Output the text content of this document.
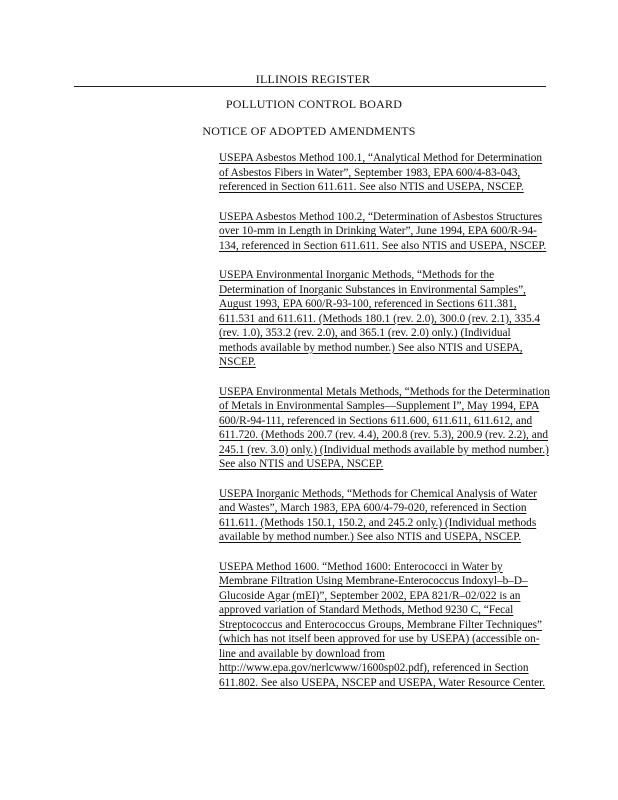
ILLINOIS REGISTER
POLLUTION CONTROL BOARD
NOTICE OF ADOPTED AMENDMENTS

USEPA Asbestos Method 100.1, “Analytical Method for Determination of Asbestos Fibers in Water”, September 1983, EPA 600/4-83-043, referenced in Section 611.611. See also NTIS and USEPA, NSCEP.

USEPA Asbestos Method 100.2, “Determination of Asbestos Structures over 10-mm in Length in Drinking Water”, June 1994, EPA 600/R-94-134, referenced in Section 611.611. See also NTIS and USEPA, NSCEP.

USEPA Environmental Inorganic Methods, “Methods for the Determination of Inorganic Substances in Environmental Samples”, August 1993, EPA 600/R-93-100, referenced in Sections 611.381, 611.531 and 611.611. (Methods 180.1 (rev. 2.0), 300.0 (rev. 2.1), 335.4 (rev. 1.0), 353.2 (rev. 2.0), and 365.1 (rev. 2.0) only.) (Individual methods available by method number.) See also NTIS and USEPA, NSCEP.

USEPA Environmental Metals Methods, “Methods for the Determination of Metals in Environmental Samples—Supplement I”, May 1994, EPA 600/R-94-111, referenced in Sections 611.600, 611.611, 611.612, and 611.720. (Methods 200.7 (rev. 4.4), 200.8 (rev. 5.3), 200.9 (rev. 2.2), and 245.1 (rev. 3.0) only.) (Individual methods available by method number.) See also NTIS and USEPA, NSCEP.

USEPA Inorganic Methods, “Methods for Chemical Analysis of Water and Wastes”, March 1983, EPA 600/4-79-020, referenced in Section 611.611. (Methods 150.1, 150.2, and 245.2 only.) (Individual methods available by method number.) See also NTIS and USEPA, NSCEP.

USEPA Method 1600. “Method 1600: Enterococci in Water by Membrane Filtration Using Membrane-Enterococcus Indoxyl–b–D–Glucoside Agar (mEI)”, September 2002, EPA 821/R–02/022 is an approved variation of Standard Methods, Method 9230 C, “Fecal Streptococcus and Enterococcus Groups, Membrane Filter Techniques” (which has not itself been approved for use by USEPA) (accessible on-line and available by download from http://www.epa.gov/nerlcwww/1600sp02.pdf), referenced in Section 611.802. See also USEPA, NSCEP and USEPA, Water Resource Center.
